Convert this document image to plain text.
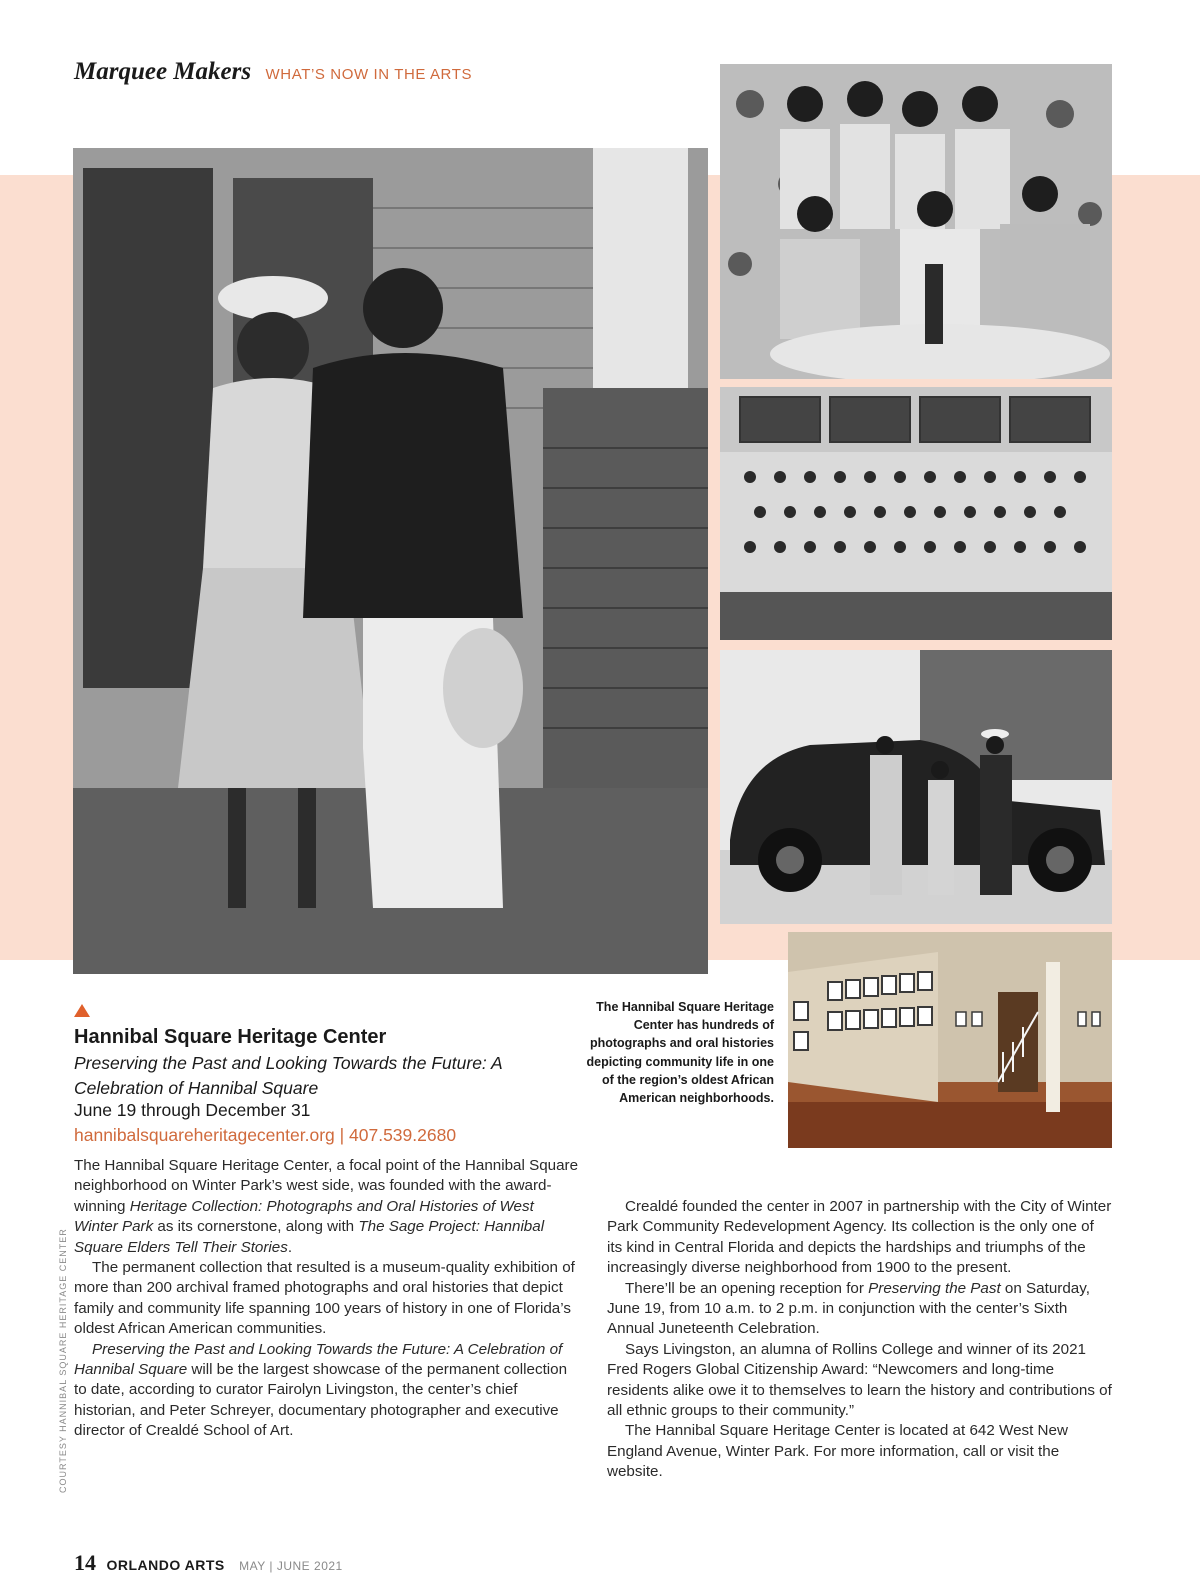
Marquee Makers WHAT’S NOW IN THE ARTS
Hannibal Square Heritage Center
Preserving the Past and Looking Towards the Future: A Celebration of Hannibal Square
June 19 through December 31
hannibalsquareheritagecenter.org | 407.539.2680
The Hannibal Square Heritage Center has hundreds of photographs and oral histories depicting community life in one of the region’s oldest African American neighborhoods.

The Hannibal Square Heritage Center, a focal point of the Hannibal Square neighborhood on Winter Park’s west side, was founded with the award-winning Heritage Collection: Photographs and Oral Histories of West Winter Park as its cornerstone, along with The Sage Project: Hannibal Square Elders Tell Their Stories.

The permanent collection that resulted is a museum-quality exhibition of more than 200 archival framed photographs and oral histories that depict family and community life spanning 100 years of history in one of Florida’s oldest African American communities.

Preserving the Past and Looking Towards the Future: A Celebration of Hannibal Square will be the largest showcase of the permanent collection to date, according to curator Fairolyn Livingston, the center’s chief historian, and Peter Schreyer, documentary photographer and executive director of Crealdé School of Art.

Crealdé founded the center in 2007 in partnership with the City of Winter Park Community Redevelopment Agency. Its collection is the only one of its kind in Central Florida and depicts the hardships and triumphs of the increasingly diverse neighborhood from 1900 to the present.

There’ll be an opening reception for Preserving the Past on Saturday, June 19, from 10 a.m. to 2 p.m. in conjunction with the center’s Sixth Annual Juneteenth Celebration.

Says Livingston, an alumna of Rollins College and winner of its 2021 Fred Rogers Global Citizenship Award: “Newcomers and long-time residents alike owe it to themselves to learn the history and contributions of all ethnic groups to their community.”

The Hannibal Square Heritage Center is located at 642 West New England Avenue, Winter Park. For more information, call or visit the website.

COURTESY HANNIBAL SQUARE HERITAGE CENTER
14 ORLANDO ARTS MAY | JUNE 2021
